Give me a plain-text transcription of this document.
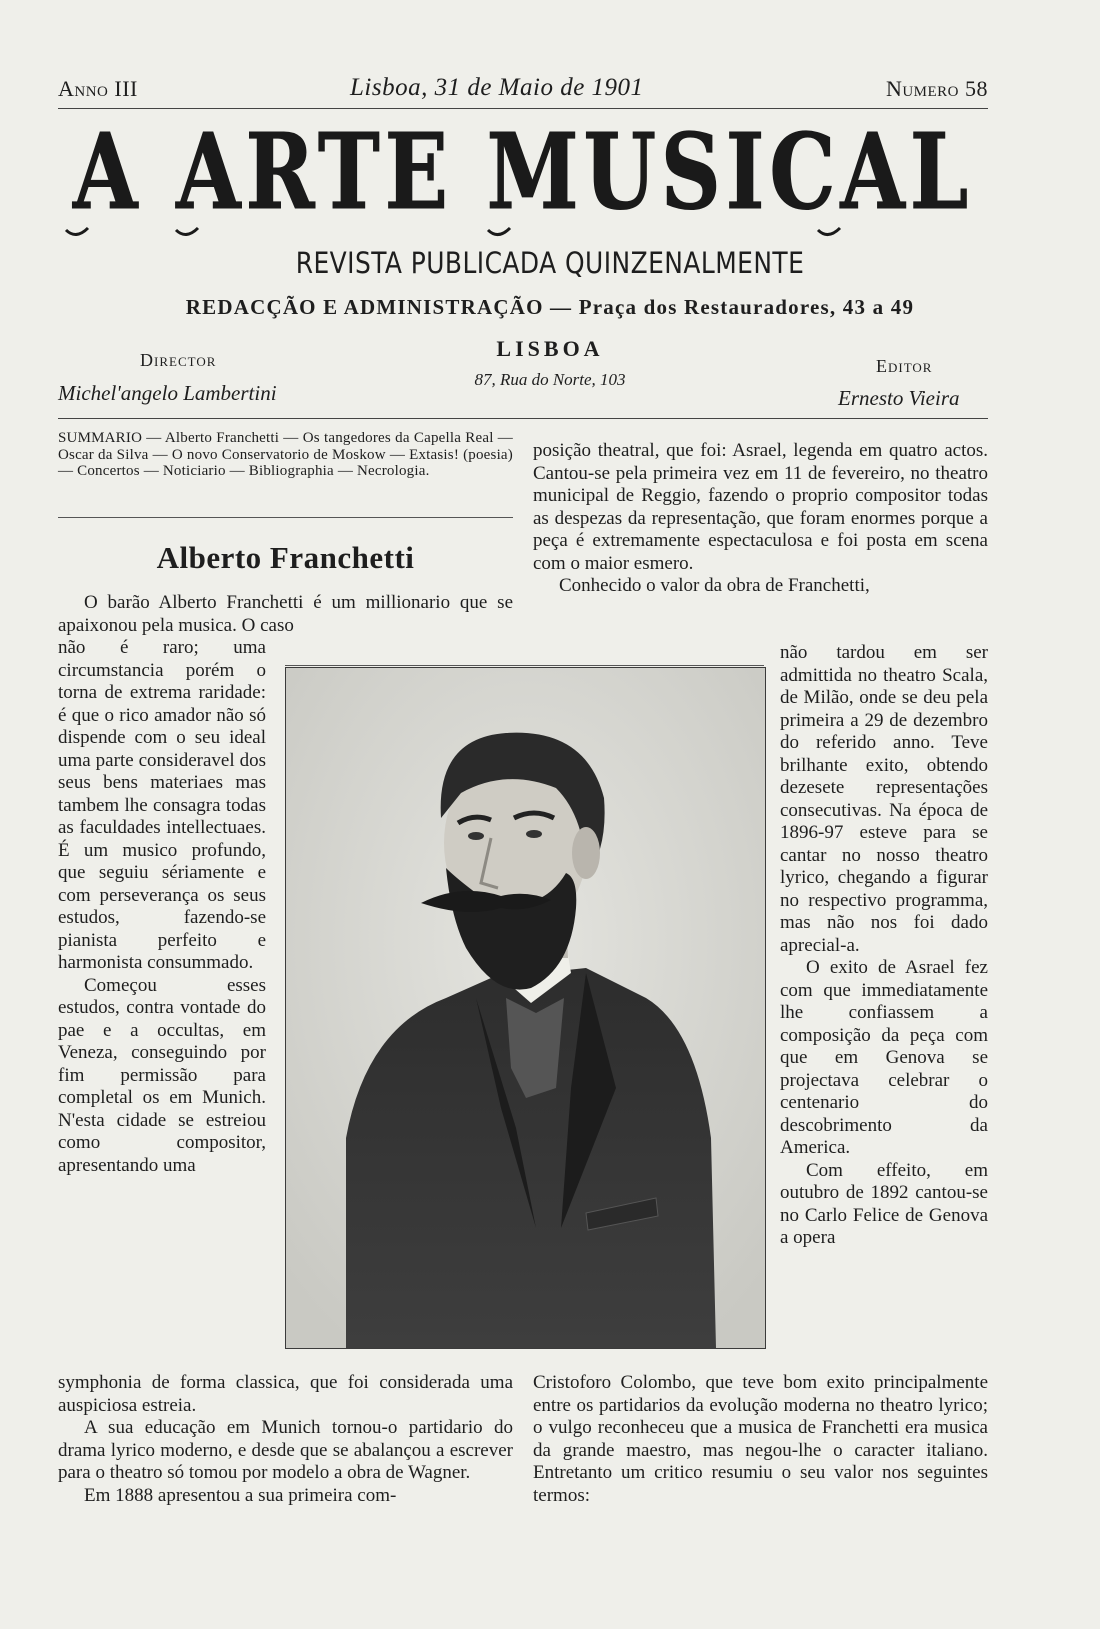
Anno III	Lisboa, 31 de Maio de 1901	Numero 58
A ARTE MUSICAL
REVISTA PUBLICADA QUINZENALMENTE
REDACÇÃO E ADMINISTRAÇÃO — Praça dos Restauradores, 43 a 49
Director
Michel'angelo Lambertini
LISBOA
87, Rua do Norte, 103
Editor
Ernesto Vieira
SUMMARIO — Alberto Franchetti — Os tangedores da Capella Real — Oscar da Silva — O novo Conservatorio de Moskow — Extasis! (poesia) — Concertos — Noticiario — Bibliographia — Necrologia.
Alberto Franchetti

O barão Alberto Franchetti é um millionario que se apaixonou pela musica. O caso

não é raro; uma circumstancia porém o torna de extrema raridade: é que o rico amador não só dispende com o seu ideal uma parte consideravel dos seus bens materiaes mas tambem lhe consagra todas as faculdades intellectuaes. É um musico profundo, que seguiu sériamente e com perseverança os seus estudos, fazendo-se pianista perfeito e harmonista consummado.

Começou esses estudos, contra vontade do pae e a occultas, em Veneza, conseguindo por fim permissão para completal os em Munich. N'esta cidade se estreiou como compositor, apresentando uma

symphonia de forma classica, que foi considerada uma auspiciosa estreia.

A sua educação em Munich tornou-o partidario do drama lyrico moderno, e desde que se abalançou a escrever para o theatro só tomou por modelo a obra de Wagner.

Em 1888 apresentou a sua primeira com-

posição theatral, que foi: Asrael, legenda em quatro actos. Cantou-se pela primeira vez em 11 de fevereiro, no theatro municipal de Reggio, fazendo o proprio compositor todas as despezas da representação, que foram enormes porque a peça é extremamente espectaculosa e foi posta em scena com o maior esmero.

Conhecido o valor da obra de Franchetti,

não tardou em ser admittida no theatro Scala, de Milão, onde se deu pela primeira a 29 de dezembro do referido anno. Teve brilhante exito, obtendo dezesete representações consecutivas. Na época de 1896-97 esteve para se cantar no nosso theatro lyrico, chegando a figurar no respectivo programma, mas não nos foi dado aprecial-a.

O exito de Asrael fez com que immediatamente lhe confiassem a composição da peça com que em Genova se projectava celebrar o centenario do descobrimento da America.

Com effeito, em outubro de 1892 cantou-se no Carlo Felice de Genova a opera

Cristoforo Colombo, que teve bom exito principalmente entre os partidarios da evolução moderna no theatro lyrico; o vulgo reconheceu que a musica de Franchetti era musica da grande maestro, mas negou-lhe o caracter italiano. Entretanto um critico resumiu o seu valor nos seguintes termos:
